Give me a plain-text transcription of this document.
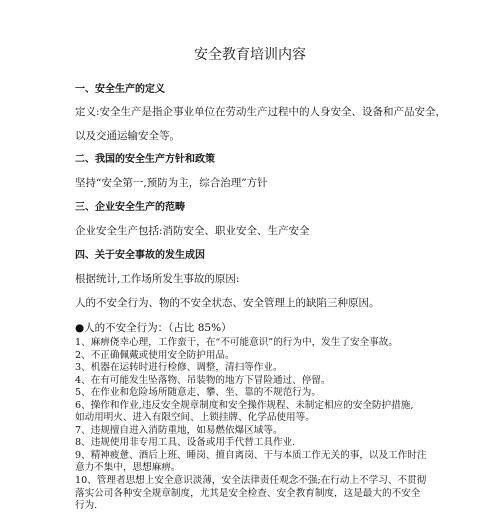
安全教育培训内容
一、安全生产的定义
定义:安全生产是指企事业单位在劳动生产过程中的人身安全、设备和产品安全，
以及交通运输安全等。
二、我国的安全生产方针和政策
坚持“安全第一,预防为主，综合治理”方针
三、企业安全生产的范畴
企业安全生产包括:消防安全、职业安全、生产安全
四、关于安全事故的发生成因
根据统计,工作场所发生事故的原因:
人的不安全行为、物的不安全状态、安全管理上的缺陷三种原因。
●人的不安全行为：（占比 85%）
1、麻痹侥幸心理，工作蛮干，在“不可能意识”的行为中，发生了安全事故。
2、不正确佩戴或使用安全防护用品。
3、机器在运转时进行检修、调整，清扫等作业。
4、在有可能发生坠落物、吊装物的地方下冒险通过、停留。
5、在作业和危险场所随意走、攀、坐、靠的不规范行为。
6、操作和作业,违反安全规章制度和安全操作规程、未制定相应的安全防护措施,
如动用明火、进入有限空间、上锁挂牌、化学品使用等。
7、违规擅自进入消防重地，如易燃依爆区域等。
8、违规使用非专用工具、设备或用手代替工具作业.
9、精神疲惫、酒后上班、睡岗、擅自离岗、干与本质工作无关的事，以及工作时注
意力不集中，思想麻痹。
10、管理者思想上安全意识淡薄，安全法律责任观念不强;在行动上不学习、不贯彻
落实公司各种安全规章制度，尤其是安全检查、安全教育制度，这是最大的不安全
行为.
